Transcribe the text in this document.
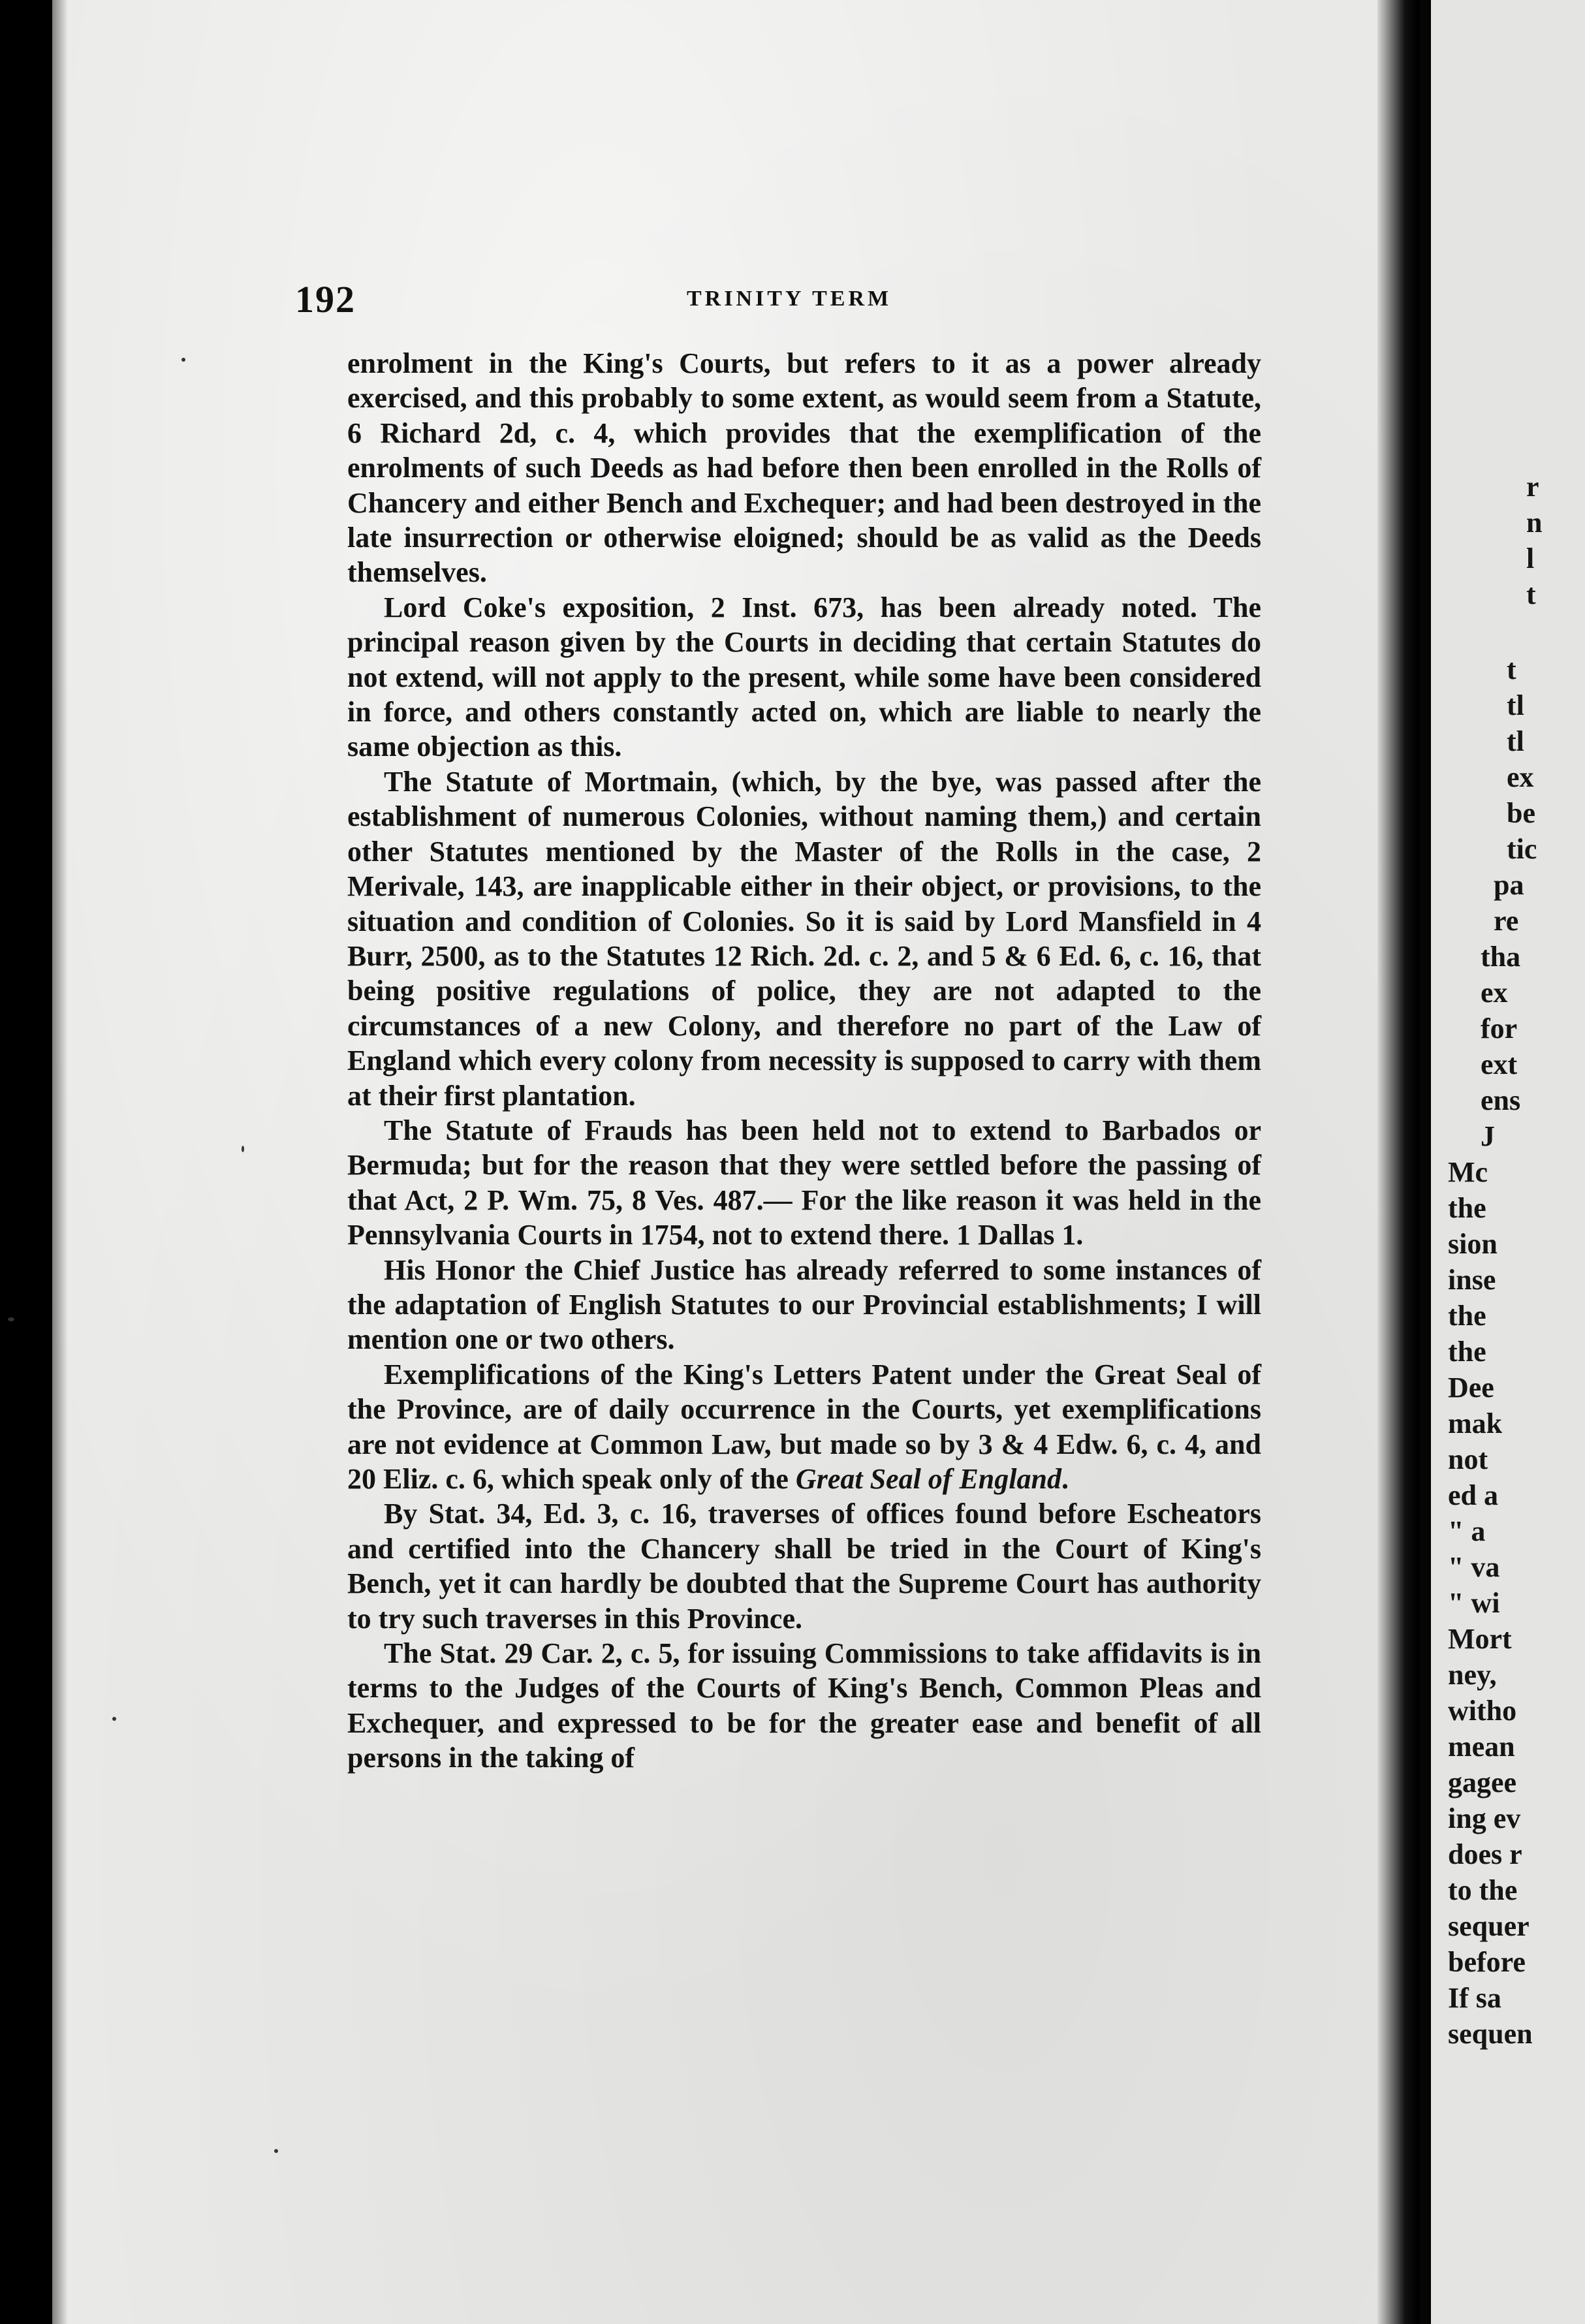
192	TRINITY TERM

enrolment in the King's Courts, but refers to it as a power already exercised, and this probably to some extent, as would seem from a Statute, 6 Richard 2d, c. 4, which provides that the exemplification of the enrolments of such Deeds as had before then been enrolled in the Rolls of Chancery and either Bench and Exchequer; and had been destroyed in the late insurrection or otherwise eloigned; should be as valid as the Deeds themselves.

Lord Coke's exposition, 2 Inst. 673, has been already noted. The principal reason given by the Courts in deciding that certain Statutes do not extend, will not apply to the present, while some have been considered in force, and others constantly acted on, which are liable to nearly the same objection as this.

The Statute of Mortmain, (which, by the bye, was passed after the establishment of numerous Colonies, without naming them,) and certain other Statutes mentioned by the Master of the Rolls in the case, 2 Merivale, 143, are inapplicable either in their object, or provisions, to the situation and condition of Colonies. So it is said by Lord Mansfield in 4 Burr, 2500, as to the Statutes 12 Rich. 2d. c. 2, and 5 & 6 Ed. 6, c. 16, that being positive regulations of police, they are not adapted to the circumstances of a new Colony, and therefore no part of the Law of England which every colony from necessity is supposed to carry with them at their first plantation.

The Statute of Frauds has been held not to extend to Barbados or Bermuda; but for the reason that they were settled before the passing of that Act, 2 P. Wm. 75, 8 Ves. 487.— For the like reason it was held in the Pennsylvania Courts in 1754, not to extend there. 1 Dallas 1.

His Honor the Chief Justice has already referred to some instances of the adaptation of English Statutes to our Provincial establishments; I will mention one or two others.

Exemplifications of the King's Letters Patent under the Great Seal of the Province, are of daily occurrence in the Courts, yet exemplifications are not evidence at Common Law, but made so by 3 & 4 Edw. 6, c. 4, and 20 Eliz. c. 6, which speak only of the Great Seal of England.

By Stat. 34, Ed. 3, c. 16, traverses of offices found before Escheators and certified into the Chancery shall be tried in the Court of King's Bench, yet it can hardly be doubted that the Supreme Court has authority to try such traverses in this Province.

The Stat. 29 Car. 2, c. 5, for issuing Commissions to take affidavits is in terms to the Judges of the Courts of King's Bench, Common Pleas and Exchequer, and expressed to be for the greater ease and benefit of all persons in the taking of

r
n
l
t
t
tl
tl
ex
be
tic
pa
re
tha
ex
for
ext
ens
J
Mc
the
sion
inse
the
the
Dee
mak
not
ed a
" a
" va
" wi
Mort
ney,
witho
mean
gagee
ing ev
does r
to the
sequer
before
If sa
sequen
